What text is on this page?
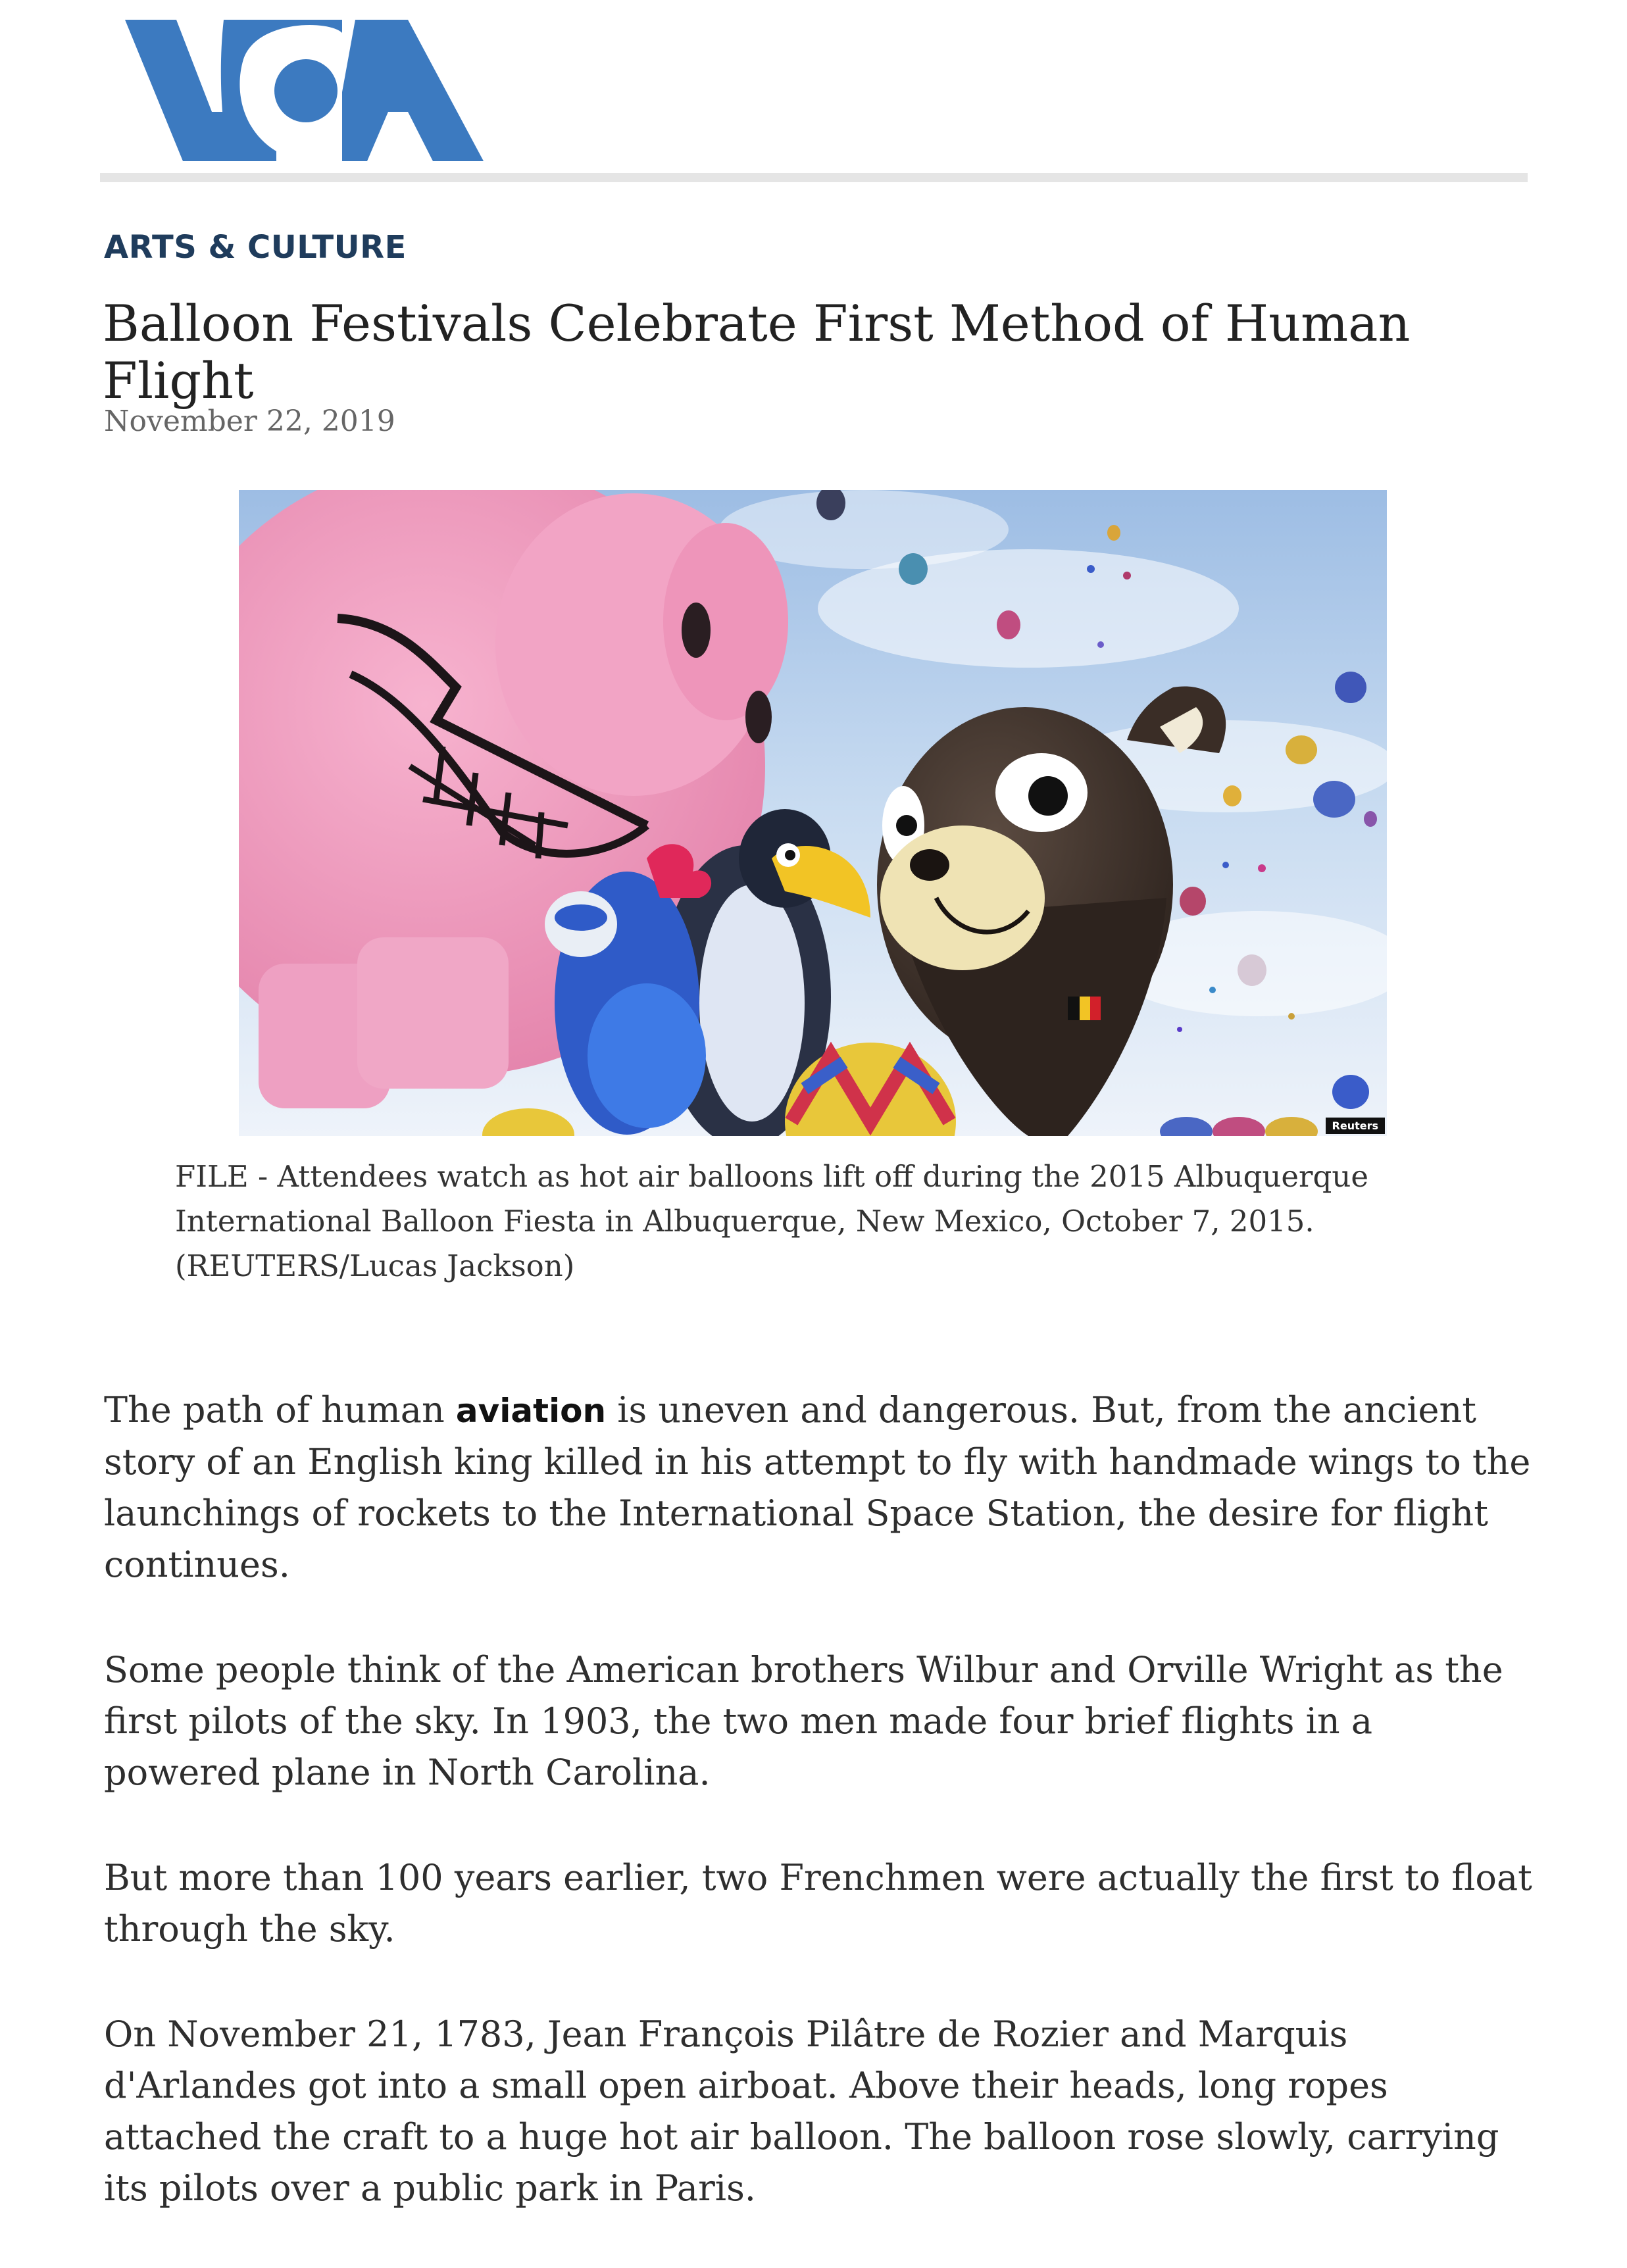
ARTS & CULTURE
Balloon Festivals Celebrate First Method of Human Flight
November 22, 2019
Reuters
FILE - Attendees watch as hot air balloons lift off during the 2015 Albuquerque International Balloon Fiesta in Albuquerque, New Mexico, October 7, 2015. (REUTERS/Lucas Jackson)

The path of human aviation is uneven and dangerous. But, from the ancient story of an English king killed in his attempt to fly with handmade wings to the launchings of rockets to the International Space Station, the desire for flight continues.

Some people think of the American brothers Wilbur and Orville Wright as the first pilots of the sky. In 1903, the two men made four brief flights in a powered plane in North Carolina.

But more than 100 years earlier, two Frenchmen were actually the first to float through the sky.

On November 21, 1783, Jean François Pilâtre de Rozier and Marquis d'Arlandes got into a small open airboat. Above their heads, long ropes attached the craft to a huge hot air balloon. The balloon rose slowly, carrying its pilots over a public park in Paris.
